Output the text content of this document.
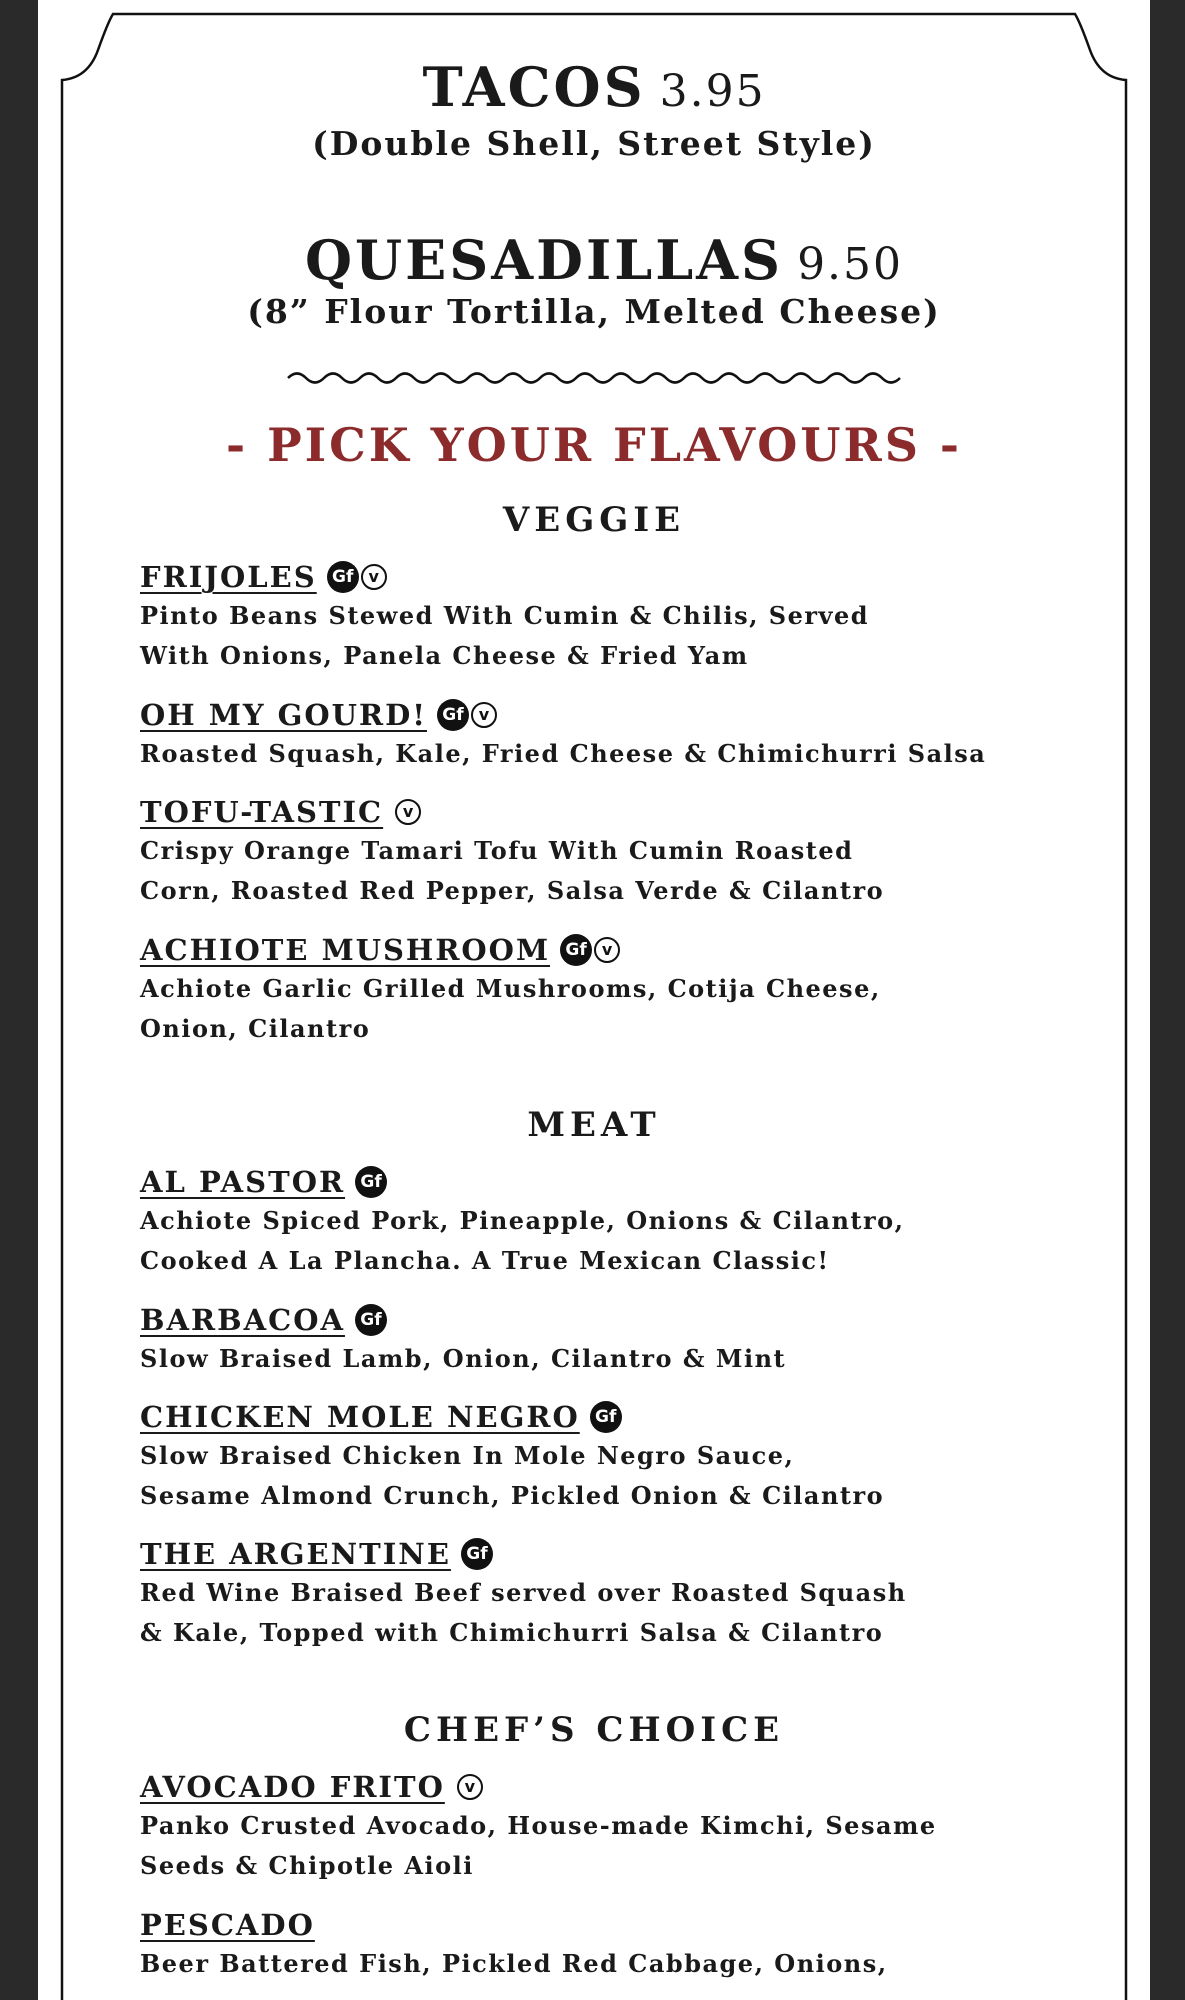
TACOS 3.95
(Double Shell, Street Style)
QUESADILLAS 9.50
(8” Flour Tortilla, Melted Cheese)
- PICK YOUR FLAVOURS -
VEGGIE
FRIJOLES Gf v
Pinto Beans Stewed With Cumin & Chilis, Served
With Onions, Panela Cheese & Fried Yam
OH MY GOURD! Gf v
Roasted Squash, Kale, Fried Cheese & Chimichurri Salsa
TOFU-TASTIC v
Crispy Orange Tamari Tofu With Cumin Roasted
Corn, Roasted Red Pepper, Salsa Verde & Cilantro
ACHIOTE MUSHROOM Gf v
Achiote Garlic Grilled Mushrooms, Cotija Cheese,
Onion, Cilantro
MEAT
AL PASTOR Gf
Achiote Spiced Pork, Pineapple, Onions & Cilantro,
Cooked A La Plancha. A True Mexican Classic!
BARBACOA Gf
Slow Braised Lamb, Onion, Cilantro & Mint
CHICKEN MOLE NEGRO Gf
Slow Braised Chicken In Mole Negro Sauce,
Sesame Almond Crunch, Pickled Onion & Cilantro
THE ARGENTINE Gf
Red Wine Braised Beef served over Roasted Squash
& Kale, Topped with Chimichurri Salsa & Cilantro
CHEF’S CHOICE
AVOCADO FRITO v
Panko Crusted Avocado, House-made Kimchi, Sesame
Seeds & Chipotle Aioli
PESCADO
Beer Battered Fish, Pickled Red Cabbage, Onions,
